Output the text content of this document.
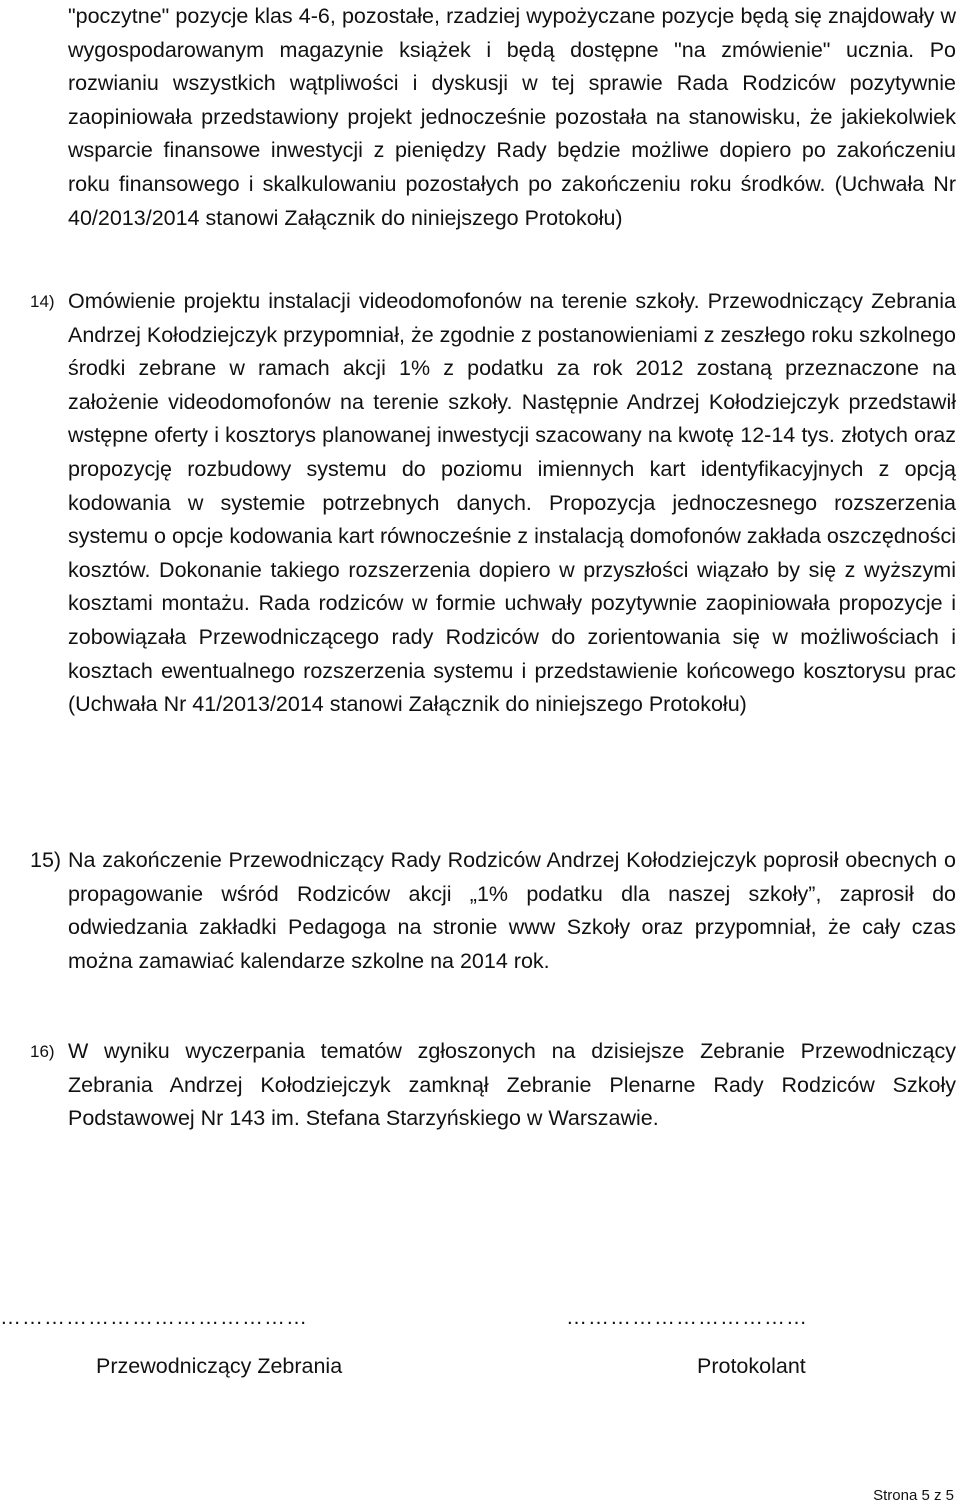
"poczytne" pozycje klas 4-6, pozostałe, rzadziej wypożyczane pozycje będą się znajdowały w wygospodarowanym magazynie książek i będą dostępne "na zmówienie" ucznia. Po rozwianiu wszystkich wątpliwości i dyskusji w tej sprawie Rada Rodziców pozytywnie zaopiniowała przedstawiony projekt jednocześnie pozostała na stanowisku, że jakiekolwiek wsparcie finansowe inwestycji z pieniędzy Rady będzie możliwe dopiero po zakończeniu roku finansowego i skalkulowaniu pozostałych po zakończeniu roku środków. (Uchwała Nr 40/2013/2014 stanowi Załącznik do niniejszego Protokołu)

14) Omówienie projektu instalacji videodomofonów na terenie szkoły. Przewodniczący Zebrania Andrzej Kołodziejczyk przypomniał, że zgodnie z postanowieniami z zeszłego roku szkolnego środki zebrane w ramach akcji 1% z podatku za rok 2012 zostaną przeznaczone na założenie videodomofonów na terenie szkoły. Następnie Andrzej Kołodziejczyk przedstawił wstępne oferty i kosztorys planowanej inwestycji szacowany na kwotę 12-14 tys. złotych oraz propozycję rozbudowy systemu do poziomu imiennych kart identyfikacyjnych z opcją kodowania w systemie potrzebnych danych. Propozycja jednoczesnego rozszerzenia systemu o opcje kodowania kart równocześnie z instalacją domofonów zakłada oszczędności kosztów. Dokonanie takiego rozszerzenia dopiero w przyszłości wiązało by się z wyższymi kosztami montażu. Rada rodziców w formie uchwały pozytywnie zaopiniowała propozycje i zobowiązała Przewodniczącego rady Rodziców do zorientowania się w możliwościach i kosztach ewentualnego rozszerzenia systemu i przedstawienie końcowego kosztorysu prac (Uchwała Nr 41/2013/2014 stanowi Załącznik do niniejszego Protokołu)

15) Na zakończenie Przewodniczący Rady Rodziców Andrzej Kołodziejczyk poprosił obecnych o propagowanie wśród Rodziców akcji „1% podatku dla naszej szkoły”, zaprosił do odwiedzania zakładki Pedagoga na stronie www Szkoły oraz przypomniał, że cały czas można zamawiać kalendarze szkolne na 2014 rok.

16) W wyniku wyczerpania tematów zgłoszonych na dzisiejsze Zebranie Przewodniczący Zebrania Andrzej Kołodziejczyk zamknął Zebranie Plenarne Rady Rodziców Szkoły Podstawowej Nr 143 im. Stefana Starzyńskiego w Warszawie.

……………………………………	……………………………
Przewodniczący Zebrania	Protokolant
Strona 5 z 5
